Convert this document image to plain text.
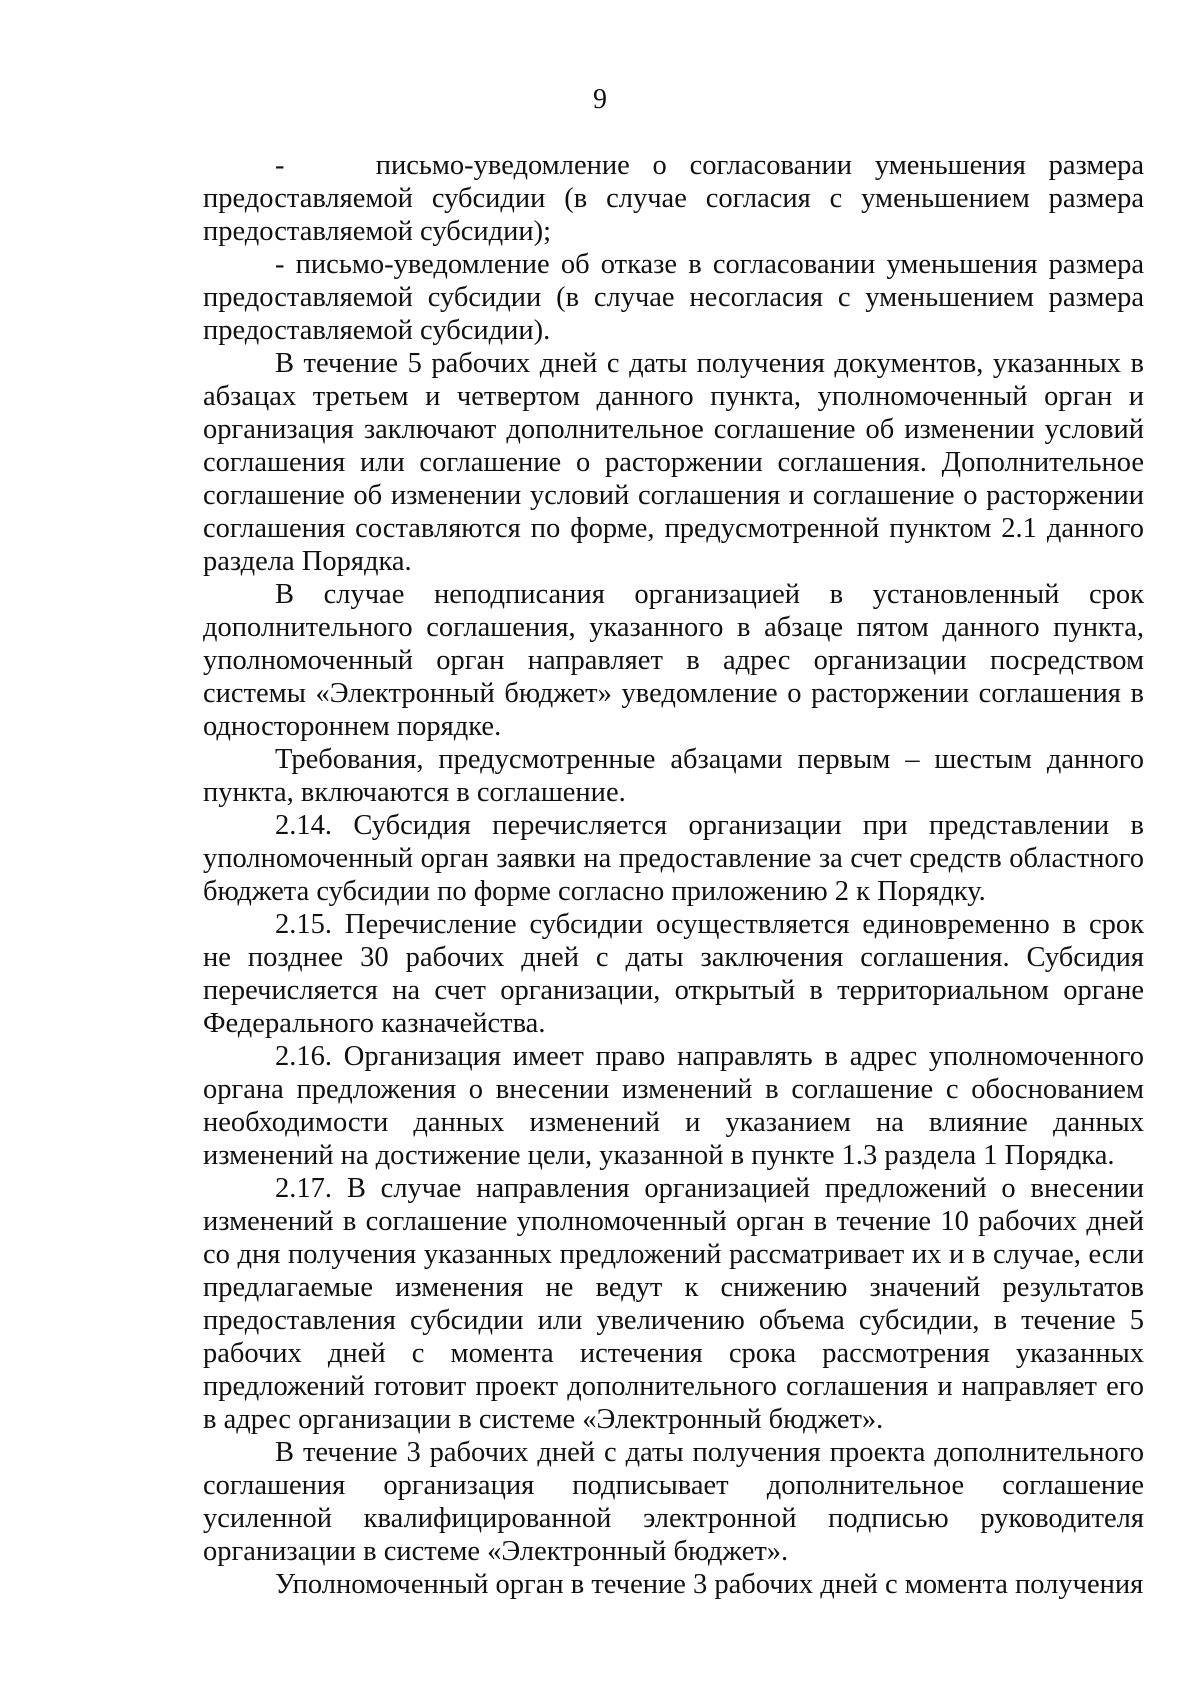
9

-    письмо-уведомление о согласовании уменьшения размера предоставляемой субсидии (в случае согласия с уменьшением размера предоставляемой субсидии);

- письмо-уведомление об отказе в согласовании уменьшения размера предоставляемой субсидии (в случае несогласия с уменьшением размера предоставляемой субсидии).

В течение 5 рабочих дней с даты получения документов, указанных в абзацах третьем и четвертом данного пункта, уполномоченный орган и организация заключают дополнительное соглашение об изменении условий соглашения или соглашение о расторжении соглашения. Дополнительное соглашение об изменении условий соглашения и соглашение о расторжении соглашения составляются по форме, предусмотренной пунктом 2.1 данного раздела Порядка.

В случае неподписания организацией в установленный срок дополнительного соглашения, указанного в абзаце пятом данного пункта, уполномоченный орган направляет в адрес организации посредством системы «Электронный бюджет» уведомление о расторжении соглашения в одностороннем порядке.

Требования, предусмотренные абзацами первым – шестым данного пункта, включаются в соглашение.

2.14. Субсидия перечисляется организации при представлении в уполномоченный орган заявки на предоставление за счет средств областного бюджета субсидии по форме согласно приложению 2 к Порядку.

2.15. Перечисление субсидии осуществляется единовременно в срок не позднее 30 рабочих дней с даты заключения соглашения. Субсидия перечисляется на счет организации, открытый в территориальном органе Федерального казначейства.

2.16. Организация имеет право направлять в адрес уполномоченного органа предложения о внесении изменений в соглашение с обоснованием необходимости данных изменений и указанием на влияние данных изменений на достижение цели, указанной в пункте 1.3 раздела 1 Порядка.

2.17. В случае направления организацией предложений о внесении изменений в соглашение уполномоченный орган в течение 10 рабочих дней со дня получения указанных предложений рассматривает их и в случае, если предлагаемые изменения не ведут к снижению значений результатов предоставления субсидии или увеличению объема субсидии, в течение 5 рабочих дней с момента истечения срока рассмотрения указанных предложений готовит проект дополнительного соглашения и направляет его в адрес организации в системе «Электронный бюджет».

В течение 3 рабочих дней с даты получения проекта дополнительного соглашения организация подписывает дополнительное соглашение усиленной квалифицированной электронной подписью руководителя организации в системе «Электронный бюджет».

Уполномоченный орган в течение 3 рабочих дней с момента получения
